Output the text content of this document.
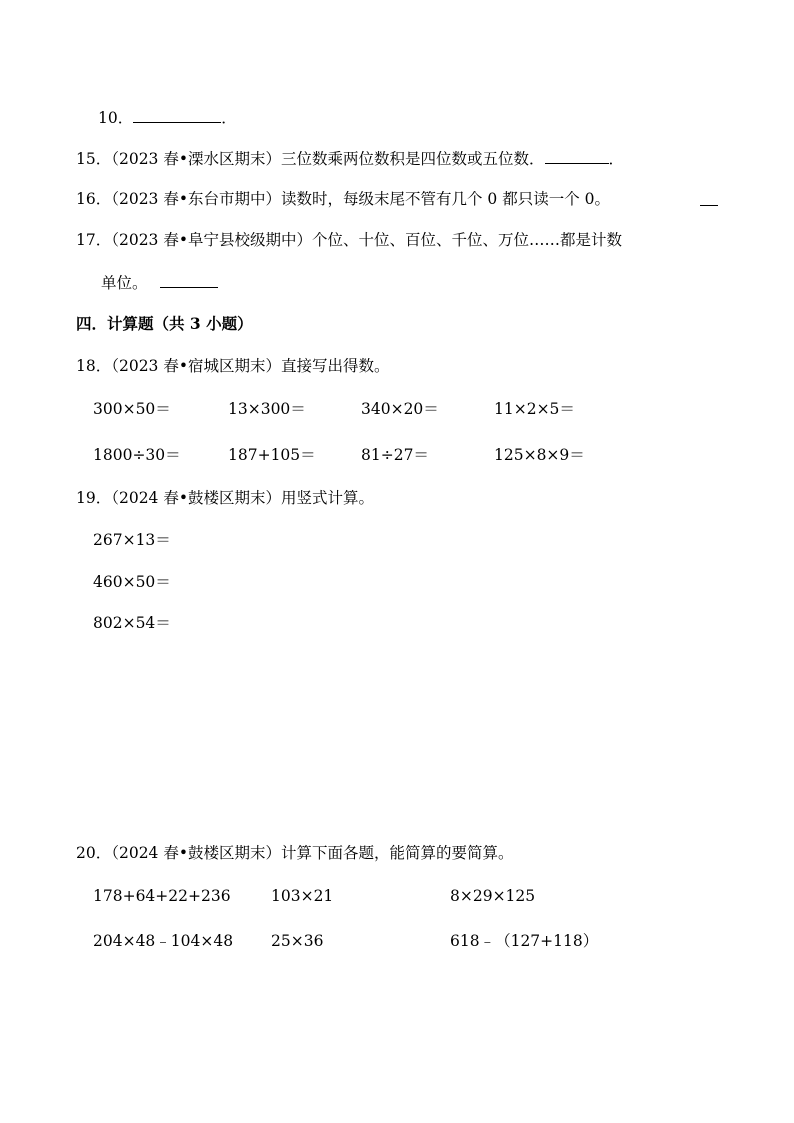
10．	．
15．（2023 春•溧水区期末）三位数乘两位数积是四位数或五位数．	．
16．（2023 春•东台市期中）读数时，每级末尾不管有几个 0 都只读一个 0。
17．（2023 春•阜宁县校级期中）个位、十位、百位、千位、万位……都是计数
单位。
四．计算题（共 3 小题）
18．（2023 春•宿城区期末）直接写出得数。
300×50＝	13×300＝	340×20＝	11×2×5＝
1800÷30＝	187+105＝	81÷27＝	125×8×9＝
19．（2024 春•鼓楼区期末）用竖式计算。
267×13＝
460×50＝
802×54＝
20．（2024 春•鼓楼区期末）计算下面各题，能简算的要简算。
178+64+22+236	103×21	8×29×125
204×48﹣104×48 25×36	618﹣（127+118）
